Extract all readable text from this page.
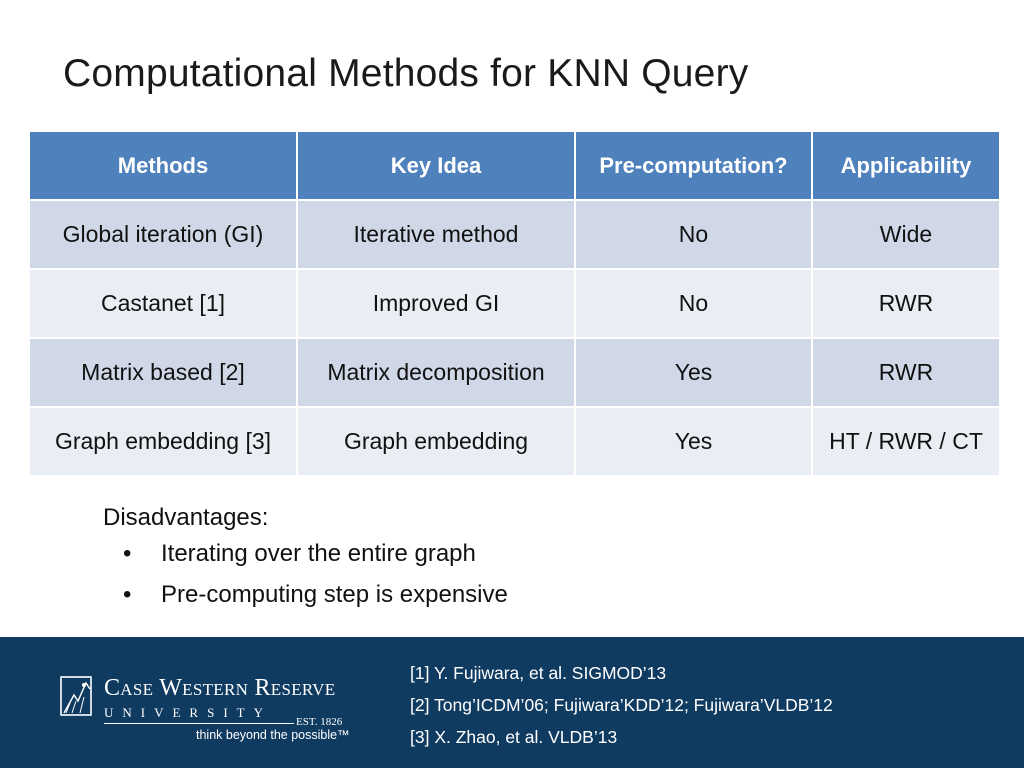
Computational Methods for KNN Query
Methods	Key Idea	Pre-computation?	Applicability
Global iteration (GI)	Iterative method	No	Wide
Castanet [1]	Improved GI	No	RWR
Matrix based [2]	Matrix decomposition	Yes	RWR
Graph embedding [3]	Graph embedding	Yes	HT / RWR / CT
Disadvantages:
• Iterating over the entire graph
• Pre-computing step is expensive
Case Western Reserve
UNIVERSITY
EST. 1826
think beyond the possible™
[1] Y. Fujiwara, et al. SIGMOD’13
[2] Tong’ICDM’06; Fujiwara’KDD’12; Fujiwara’VLDB’12
[3] X. Zhao, et al. VLDB’13
